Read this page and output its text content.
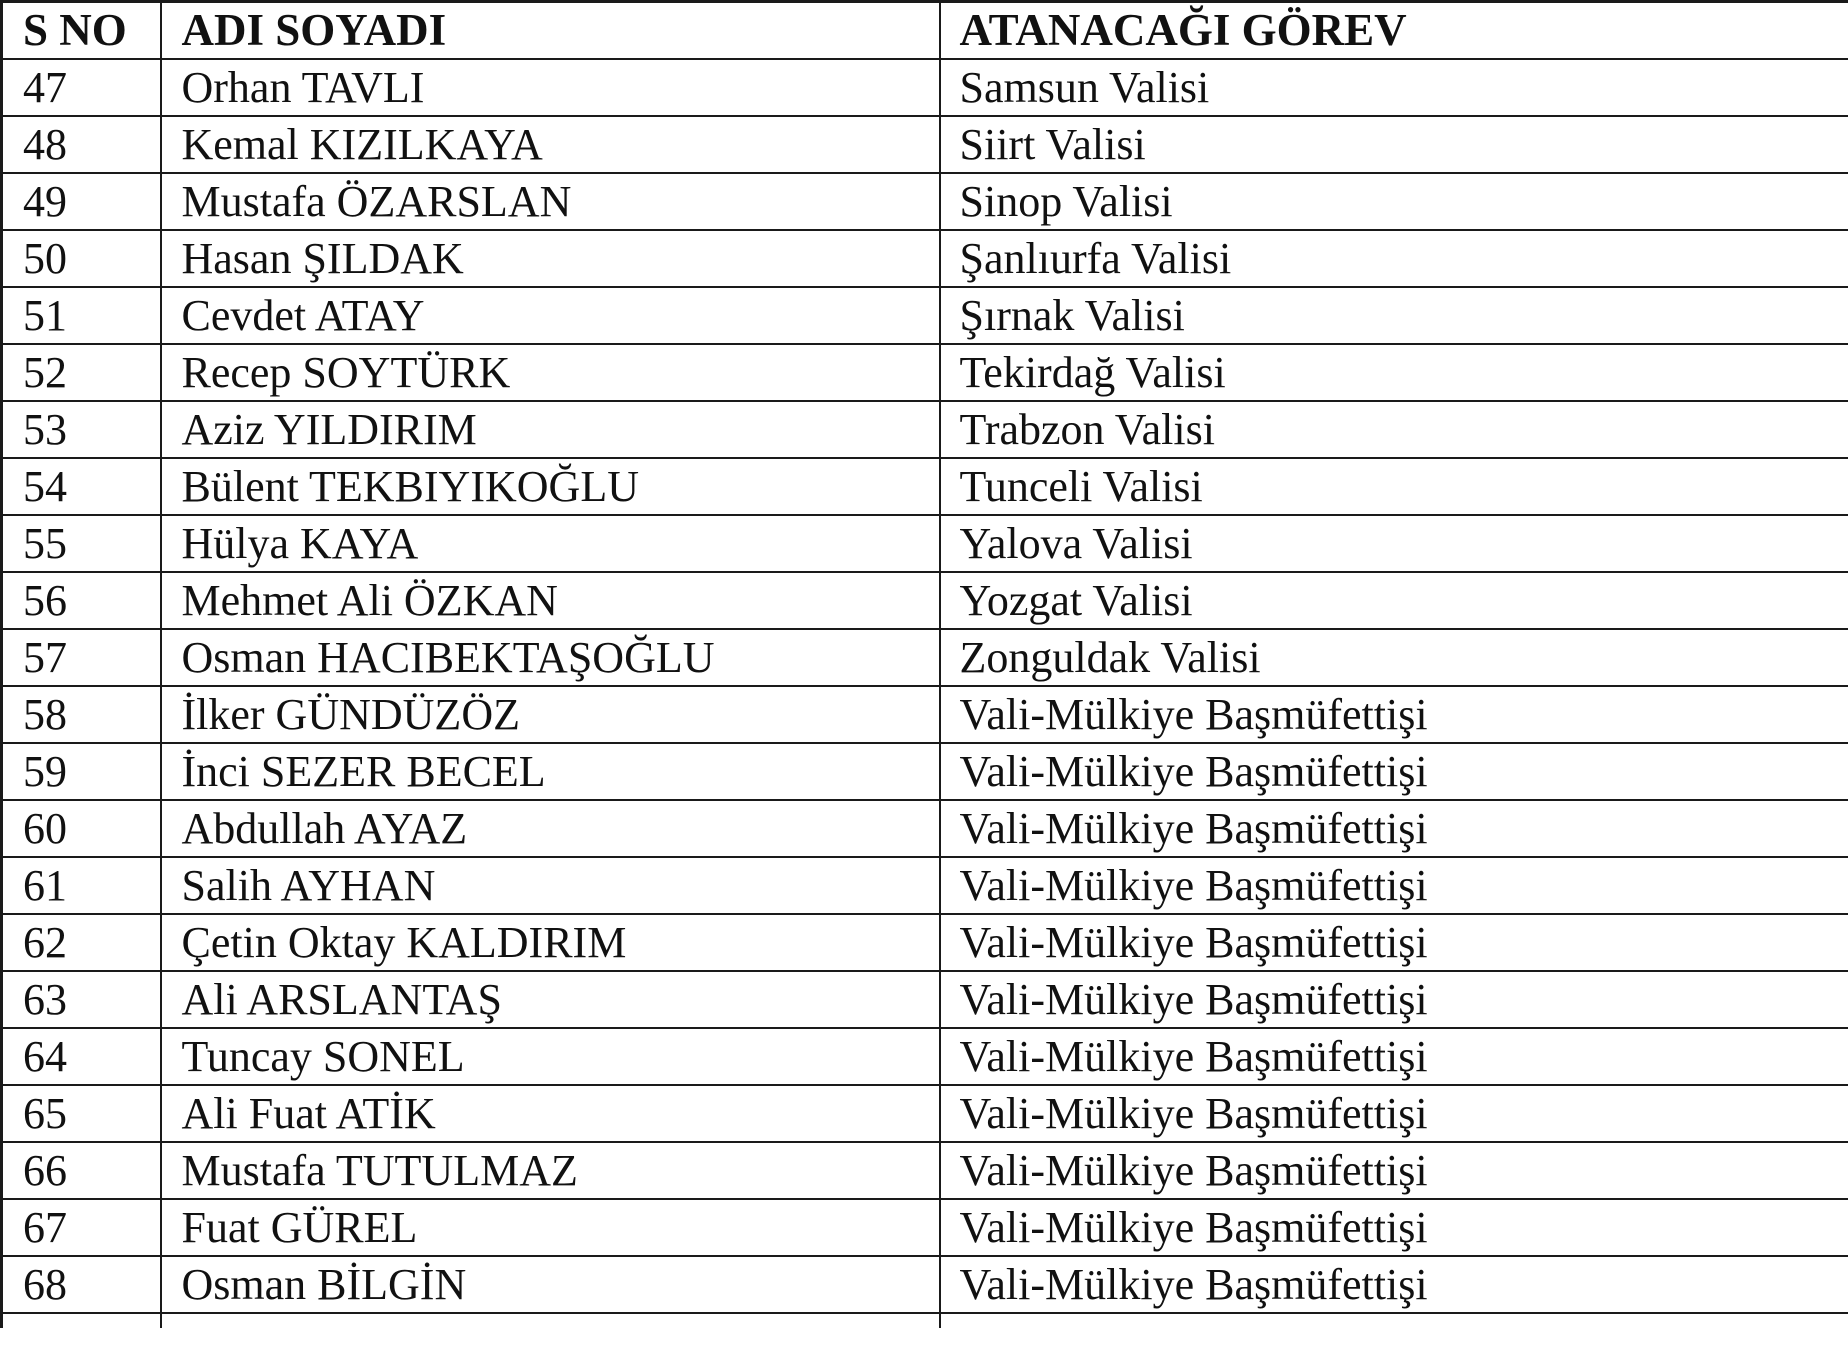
S NO	ADI SOYADI	ATANACAĞI GÖREV
47	Orhan TAVLI	Samsun Valisi
48	Kemal KIZILKAYA	Siirt Valisi
49	Mustafa ÖZARSLAN	Sinop Valisi
50	Hasan ŞILDAK	Şanlıurfa Valisi
51	Cevdet ATAY	Şırnak Valisi
52	Recep SOYTÜRK	Tekirdağ Valisi
53	Aziz YILDIRIM	Trabzon Valisi
54	Bülent TEKBIYIKOĞLU	Tunceli Valisi
55	Hülya KAYA	Yalova Valisi
56	Mehmet Ali ÖZKAN	Yozgat Valisi
57	Osman HACIBEKTAŞOĞLU	Zonguldak Valisi
58	İlker GÜNDÜZÖZ	Vali-Mülkiye Başmüfettişi
59	İnci SEZER BECEL	Vali-Mülkiye Başmüfettişi
60	Abdullah AYAZ	Vali-Mülkiye Başmüfettişi
61	Salih AYHAN	Vali-Mülkiye Başmüfettişi
62	Çetin Oktay KALDIRIM	Vali-Mülkiye Başmüfettişi
63	Ali ARSLANTAŞ	Vali-Mülkiye Başmüfettişi
64	Tuncay SONEL	Vali-Mülkiye Başmüfettişi
65	Ali Fuat ATİK	Vali-Mülkiye Başmüfettişi
66	Mustafa TUTULMAZ	Vali-Mülkiye Başmüfettişi
67	Fuat GÜREL	Vali-Mülkiye Başmüfettişi
68	Osman BİLGİN	Vali-Mülkiye Başmüfettişi
